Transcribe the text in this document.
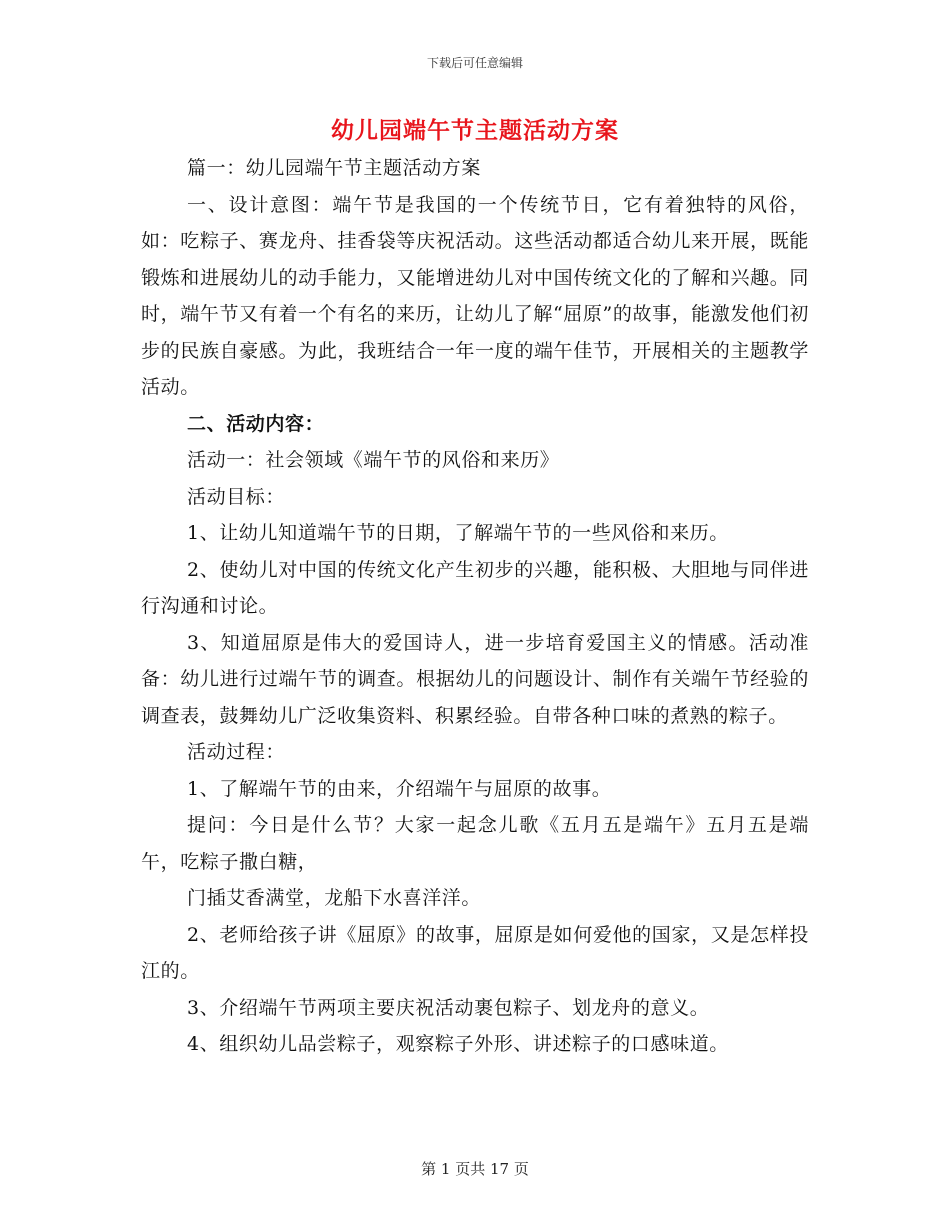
下载后可任意编辑
幼儿园端午节主题活动方案

篇一：幼儿园端午节主题活动方案

一、设计意图：端午节是我国的一个传统节日，它有着独特的风俗，如：吃粽子、赛龙舟、挂香袋等庆祝活动。这些活动都适合幼儿来开展，既能锻炼和进展幼儿的动手能力，又能增进幼儿对中国传统文化的了解和兴趣。同时，端午节又有着一个有名的来历，让幼儿了解“屈原”的故事，能激发他们初步的民族自豪感。为此，我班结合一年一度的端午佳节，开展相关的主题教学活动。

二、活动内容：

活动一：社会领域《端午节的风俗和来历》

活动目标：

1、让幼儿知道端午节的日期，了解端午节的一些风俗和来历。

2、使幼儿对中国的传统文化产生初步的兴趣，能积极、大胆地与同伴进行沟通和讨论。

3、知道屈原是伟大的爱国诗人，进一步培育爱国主义的情感。活动准备：幼儿进行过端午节的调查。根据幼儿的问题设计、制作有关端午节经验的调查表，鼓舞幼儿广泛收集资料、积累经验。自带各种口味的煮熟的粽子。

活动过程：

1、了解端午节的由来，介绍端午与屈原的故事。

提问：今日是什么节？大家一起念儿歌《五月五是端午》五月五是端午，吃粽子撒白糖，

门插艾香满堂，龙船下水喜洋洋。

2、老师给孩子讲《屈原》的故事，屈原是如何爱他的国家，又是怎样投江的。

3、介绍端午节两项主要庆祝活动裹包粽子、划龙舟的意义。

4、组织幼儿品尝粽子，观察粽子外形、讲述粽子的口感味道。

第 1 页共 17 页
